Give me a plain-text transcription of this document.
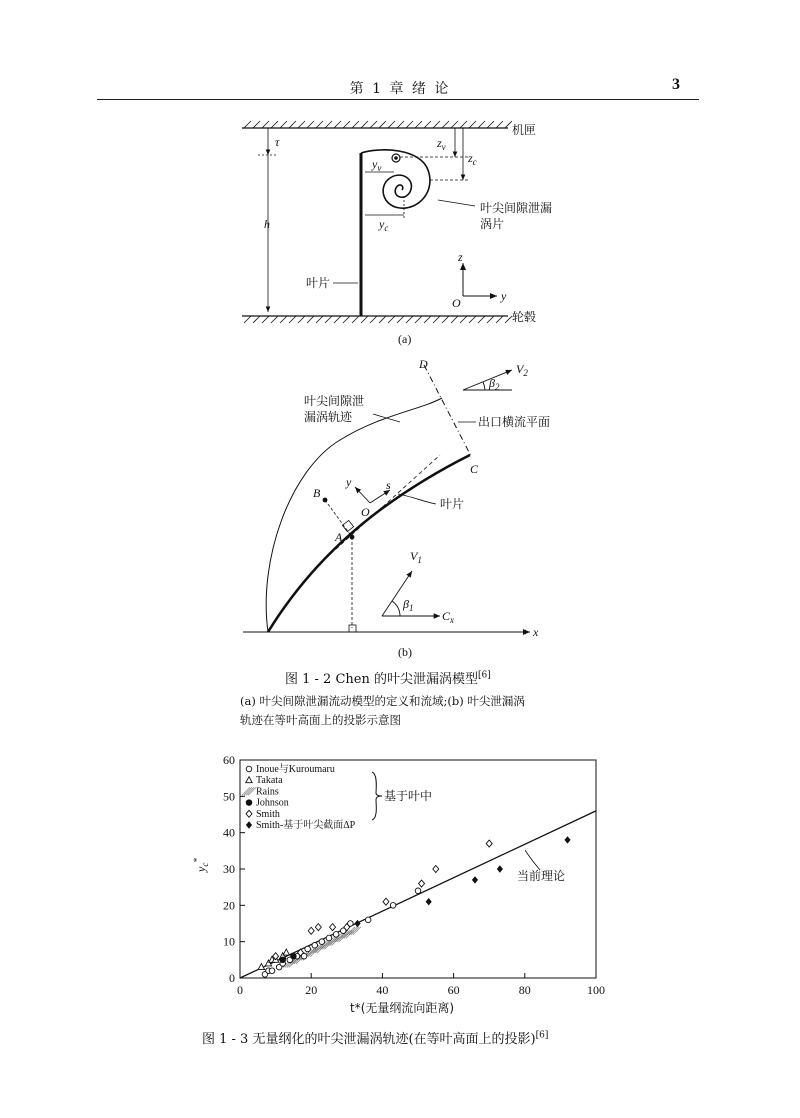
第 1 章 绪 论	3
机匣
轮毂
τ
h
叶片
$z_v$
$z_c$
$y_v$
$y_c$
叶尖间隙泄漏
涡片
z
y
O
(a)
x
y	s
O
B
A
D
C
叶尖间隙泄
漏涡轨迹	出口横流平面
叶片
$V_2$
$\beta_2$
$V_1$
$\beta_1$
$C_x$
(b)
图 1 - 2 Chen 的叶尖泄漏涡模型[6]
(a) 叶尖间隙泄漏流动模型的定义和流域;(b) 叶尖泄漏涡
轨迹在等叶高面上的投影示意图
0	20	40	60	80	100
0
10
20
30
40
50
60
Inoue与Kuroumaru
Takata
Rains
Johnson
Smith
Smith-基于叶尖截面ΔP
基于叶中
当前理论
t*(无量纲流向距离)
$y_c^*$
图 1 - 3 无量纲化的叶尖泄漏涡轨迹(在等叶高面上的投影)[6]
